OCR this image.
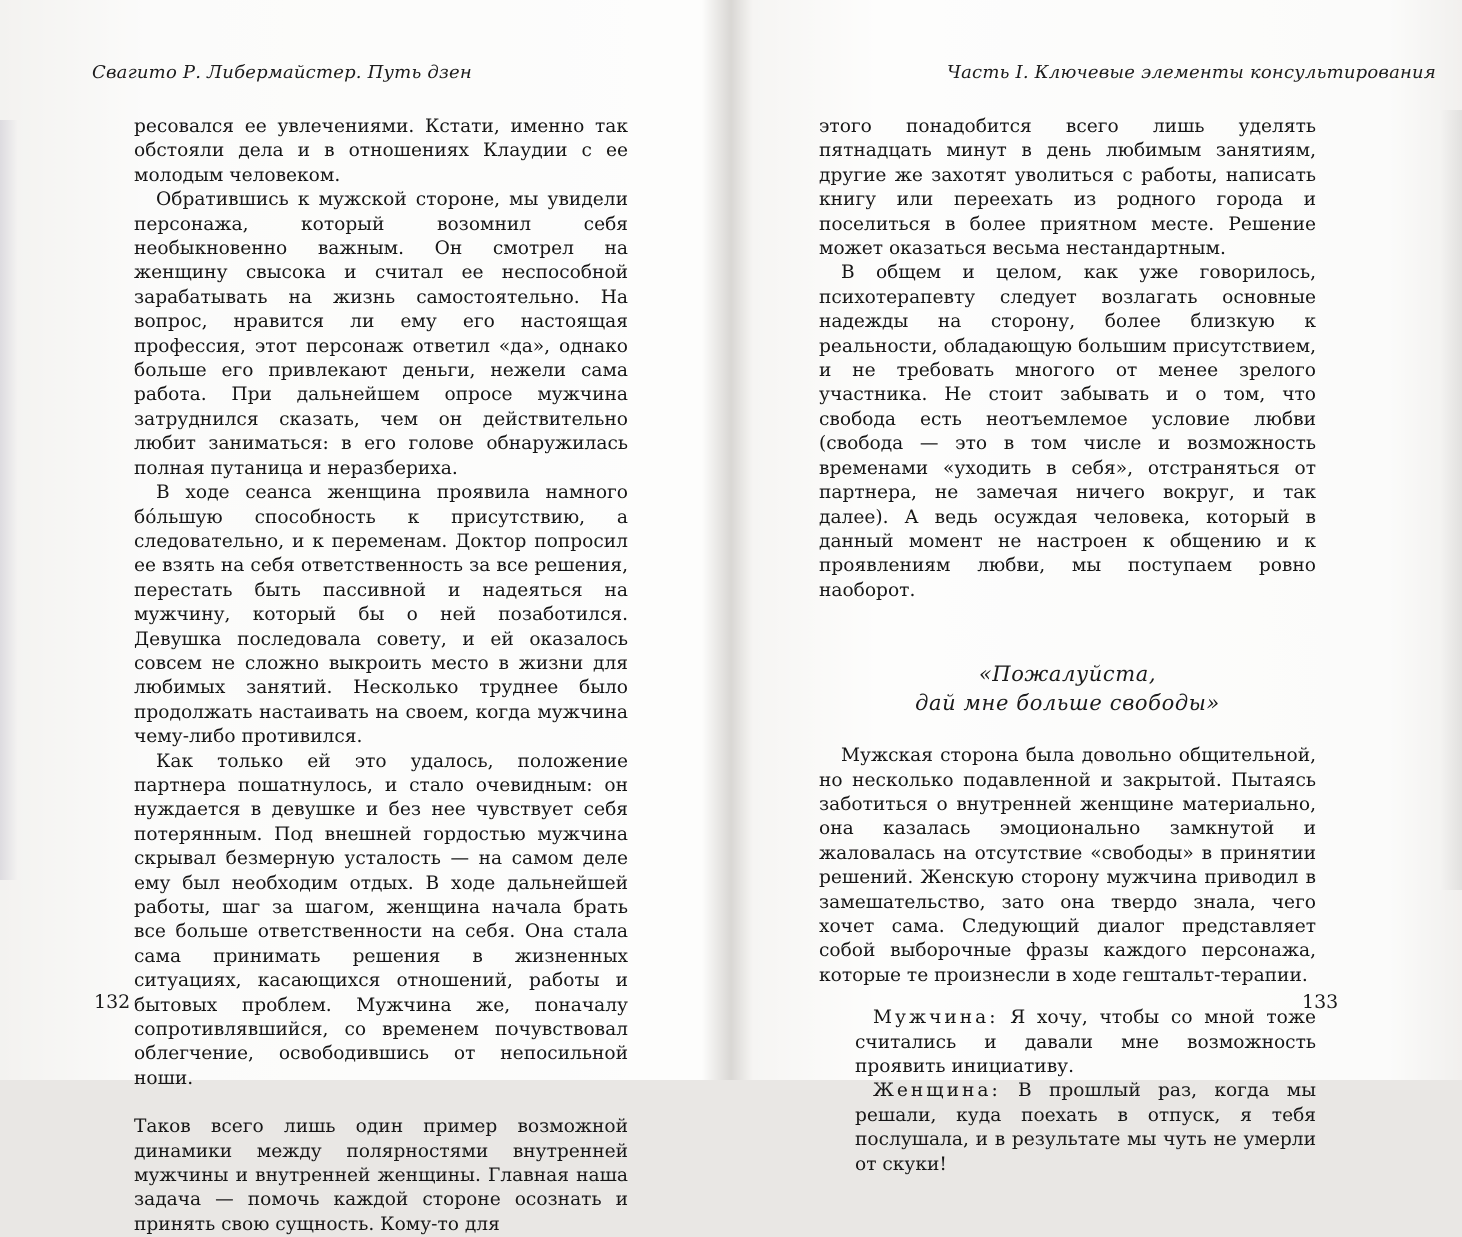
Свагито Р. Либермайстер. Путь дзен

ресовался ее увлечениями. Кстати, именно так обстояли дела и в отношениях Клаудии с ее молодым человеком.

Обратившись к мужской стороне, мы увидели персонажа, который возомнил себя необыкновенно важным. Он смотрел на женщину свысока и считал ее неспособной зарабатывать на жизнь самостоятельно. На вопрос, нравится ли ему его настоящая профессия, этот персонаж ответил «да», однако больше его привлекают деньги, нежели сама работа. При дальнейшем опросе мужчина затруднился сказать, чем он действительно любит заниматься: в его голове обнаружилась полная путаница и неразбериха.

В ходе сеанса женщина проявила намного бóльшую способность к присутствию, а следовательно, и к переменам. Доктор попросил ее взять на себя ответственность за все решения, перестать быть пассивной и надеяться на мужчину, который бы о ней позаботился. Девушка последовала совету, и ей оказалось совсем не сложно выкроить место в жизни для любимых занятий. Несколько труднее было продолжать настаивать на своем, когда мужчина чему-либо противился.

Как только ей это удалось, положение партнера пошатнулось, и стало очевидным: он нуждается в девушке и без нее чувствует себя потерянным. Под внешней гордостью мужчина скрывал безмерную усталость — на самом деле ему был необходим отдых. В ходе дальнейшей работы, шаг за шагом, женщина начала брать все больше ответственности на себя. Она стала сама принимать решения в жизненных ситуациях, касающихся отношений, работы и бытовых проблем. Мужчина же, поначалу сопротивлявшийся, со временем почувствовал облегчение, освободившись от непосильной ноши.

Таков всего лишь один пример возможной динамики между полярностями внутренней мужчины и внутренней женщины. Главная наша задача — помочь каждой стороне осознать и принять свою сущность. Кому-то для

132
Часть I. Ключевые элементы консультирования

этого понадобится всего лишь уделять пятнадцать минут в день любимым занятиям, другие же захотят уволиться с работы, написать книгу или переехать из родного города и поселиться в более приятном месте. Решение может оказаться весьма нестандартным.

В общем и целом, как уже говорилось, психотерапевту следует возлагать основные надежды на сторону, более близкую к реальности, обладающую большим присутствием, и не требовать многого от менее зрелого участника. Не стоит забывать и о том, что свобода есть неотъемлемое условие любви (свобода — это в том числе и возможность временами «уходить в себя», отстраняться от партнера, не замечая ничего вокруг, и так далее). А ведь осуждая человека, который в данный момент не настроен к общению и к проявлениям любви, мы поступаем ровно наоборот.

«Пожалуйста,
дай мне больше свободы»

Мужская сторона была довольно общительной, но несколько подавленной и закрытой. Пытаясь заботиться о внутренней женщине материально, она казалась эмоционально замкнутой и жаловалась на отсутствие «свободы» в принятии решений. Женскую сторону мужчина приводил в замешательство, зато она твердо знала, чего хочет сама. Следующий диалог представляет собой выборочные фразы каждого персонажа, которые те произнесли в ходе гештальт-терапии.

Мужчина: Я хочу, чтобы со мной тоже считались и давали мне возможность проявить инициативу.

Женщина: В прошлый раз, когда мы решали, куда поехать в отпуск, я тебя послушала, и в результате мы чуть не умерли от скуки!

133
